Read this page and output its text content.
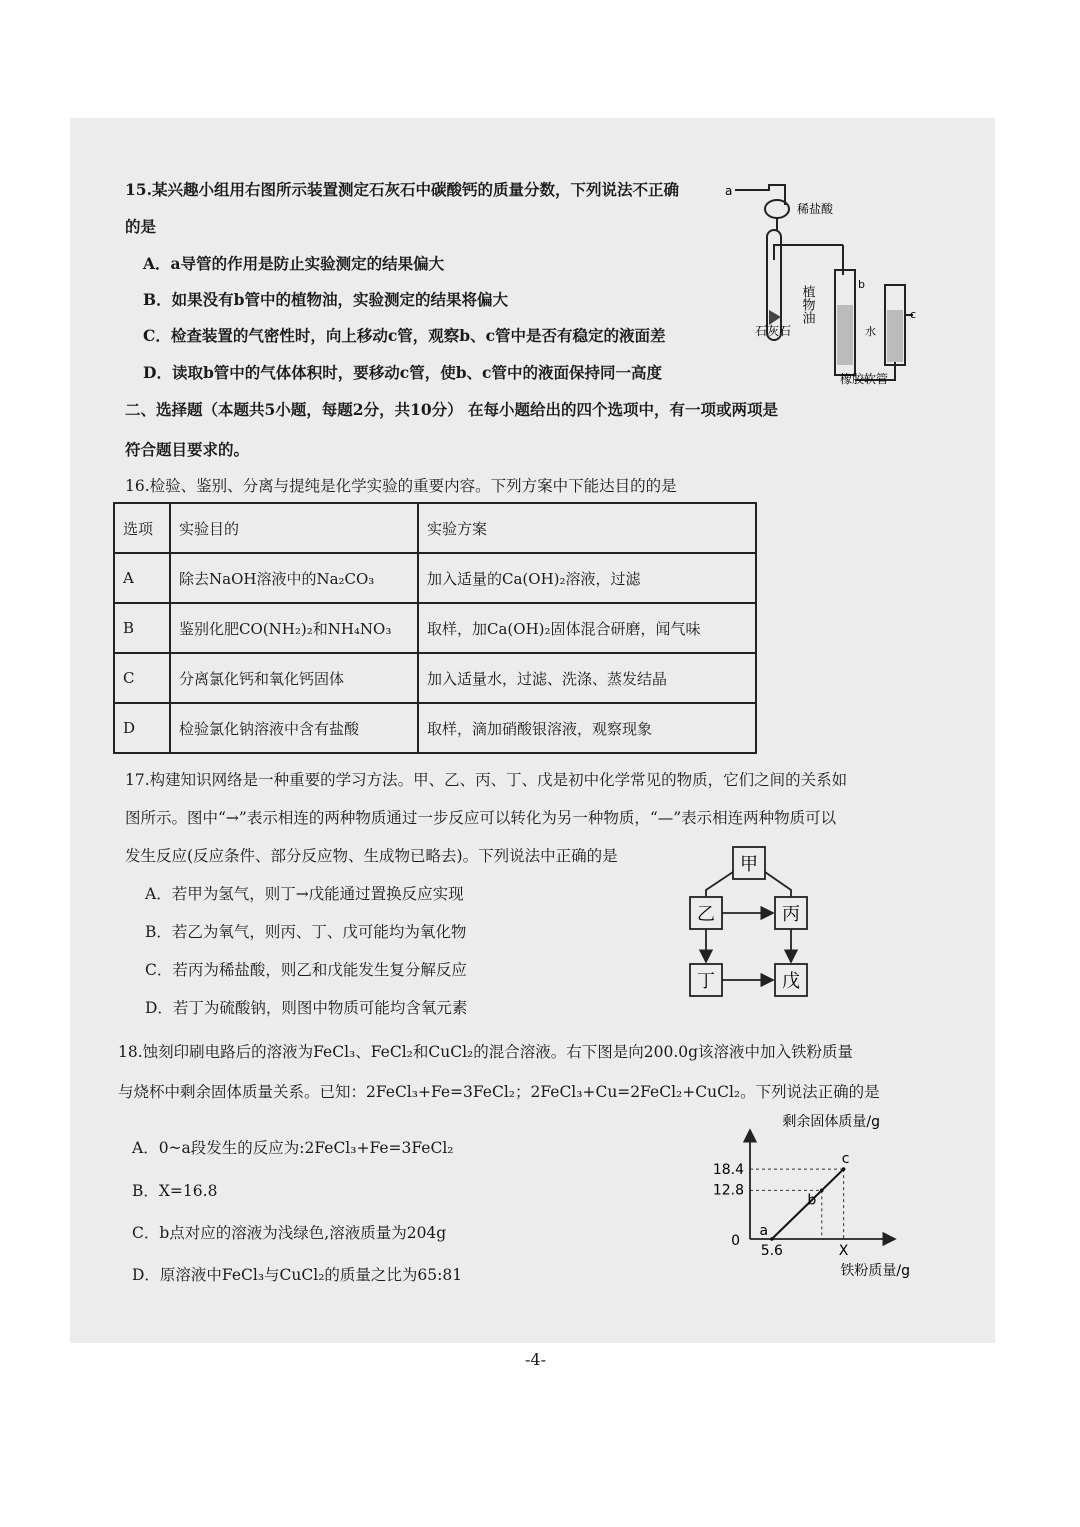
15.某兴趣小组用右图所示装置测定石灰石中碳酸钙的质量分数，下列说法不正确
的是
A．a导管的作用是防止实验测定的结果偏大
B．如果没有b管中的植物油，实验测定的结果将偏大
C．检查装置的气密性时，向上移动c管，观察b、c管中是否有稳定的液面差
D．读取b管中的气体体积时，要移动c管，使b、c管中的液面保持同一高度
a
稀盐酸
b
c
石灰石
植物油
水
橡胶软管
二、选择题（本题共5小题，每题2分，共10分） 在每小题给出的四个选项中，有一项或两项是
符合题目要求的。
16.检验、鉴别、分离与提纯是化学实验的重要内容。下列方案中下能达目的的是
选项	实验目的	实验方案
A	除去NaOH溶液中的Na₂CO₃	加入适量的Ca(OH)₂溶液，过滤
B	鉴别化肥CO(NH₂)₂和NH₄NO₃	取样，加Ca(OH)₂固体混合研磨，闻气味
C	分离氯化钙和氧化钙固体	加入适量水，过滤、洗涤、蒸发结晶
D	检验氯化钠溶液中含有盐酸	取样，滴加硝酸银溶液，观察现象
17.构建知识网络是一种重要的学习方法。甲、乙、丙、丁、戊是初中化学常见的物质，它们之间的关系如
图所示。图中“→”表示相连的两种物质通过一步反应可以转化为另一种物质，“—”表示相连两种物质可以
发生反应(反应条件、部分反应物、生成物已略去)。下列说法中正确的是
A．若甲为氢气，则丁→戊能通过置换反应实现
B．若乙为氧气，则丙、丁、戊可能均为氧化物
C．若丙为稀盐酸，则乙和戊能发生复分解反应
D．若丁为硫酸钠，则图中物质可能均含氧元素
甲
乙	丙
丁	戊
18.蚀刻印刷电路后的溶液为FeCl₃、FeCl₂和CuCl₂的混合溶液。右下图是向200.0g该溶液中加入铁粉质量
与烧杯中剩余固体质量关系。已知：2FeCl₃+Fe=3FeCl₂；2FeCl₃+Cu=2FeCl₂+CuCl₂。下列说法正确的是
A．0~a段发生的反应为:2FeCl₃+Fe=3FeCl₂
B．X=16.8
C．b点对应的溶液为浅绿色,溶液质量为204g
D．原溶液中FeCl₃与CuCl₂的质量之比为65:81
剩余固体质量/g
铁粉质量/g
0
12.8
18.4
5.6	X
a
b
c
-4-
